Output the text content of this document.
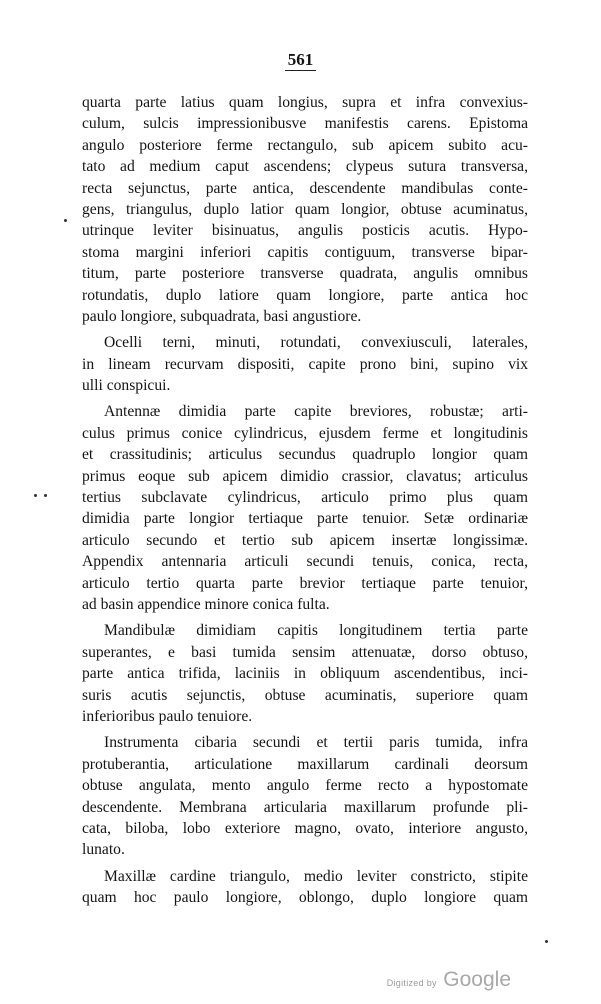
561
quarta parte latius quam longius, supra et infra convexius-
culum, sulcis impressionibusve manifestis carens. Epistoma
angulo posteriore ferme rectangulo, sub apicem subito acu-
tato ad medium caput ascendens; clypeus sutura transversa,
recta sejunctus, parte antica, descendente mandibulas conte-
gens, triangulus, duplo latior quam longior, obtuse acuminatus,
utrinque leviter bisinuatus, angulis posticis acutis. Hypo-
stoma margini inferiori capitis contiguum, transverse bipar-
titum, parte posteriore transverse quadrata, angulis omnibus
rotundatis, duplo latiore quam longiore, parte antica hoc
paulo longiore, subquadrata, basi angustiore.
Ocelli terni, minuti, rotundati, convexiusculi, laterales,
in lineam recurvam dispositi, capite prono bini, supino vix
ulli conspicui.
Antennæ dimidia parte capite breviores, robustæ; arti-
culus primus conice cylindricus, ejusdem ferme et longitudinis
et crassitudinis; articulus secundus quadruplo longior quam
primus eoque sub apicem dimidio crassior, clavatus; articulus
tertius subclavate cylindricus, articulo primo plus quam
dimidia parte longior tertiaque parte tenuior. Setæ ordinariæ
articulo secundo et tertio sub apicem insertæ longissimæ.
Appendix antennaria articuli secundi tenuis, conica, recta,
articulo tertio quarta parte brevior tertiaque parte tenuior,
ad basin appendice minore conica fulta.
Mandibulæ dimidiam capitis longitudinem tertia parte
superantes, e basi tumida sensim attenuatæ, dorso obtuso,
parte antica trifida, laciniis in obliquum ascendentibus, inci-
suris acutis sejunctis, obtuse acuminatis, superiore quam
inferioribus paulo tenuiore.
Instrumenta cibaria secundi et tertii paris tumida, infra
protuberantia, articulatione maxillarum cardinali deorsum
obtuse angulata, mento angulo ferme recto a hypostomate
descendente. Membrana articularia maxillarum profunde pli-
cata, biloba, lobo exteriore magno, ovato, interiore angusto,
lunato.
Maxillæ cardine triangulo, medio leviter constricto, stipite
quam hoc paulo longiore, oblongo, duplo longiore quam
Digitized by Google
